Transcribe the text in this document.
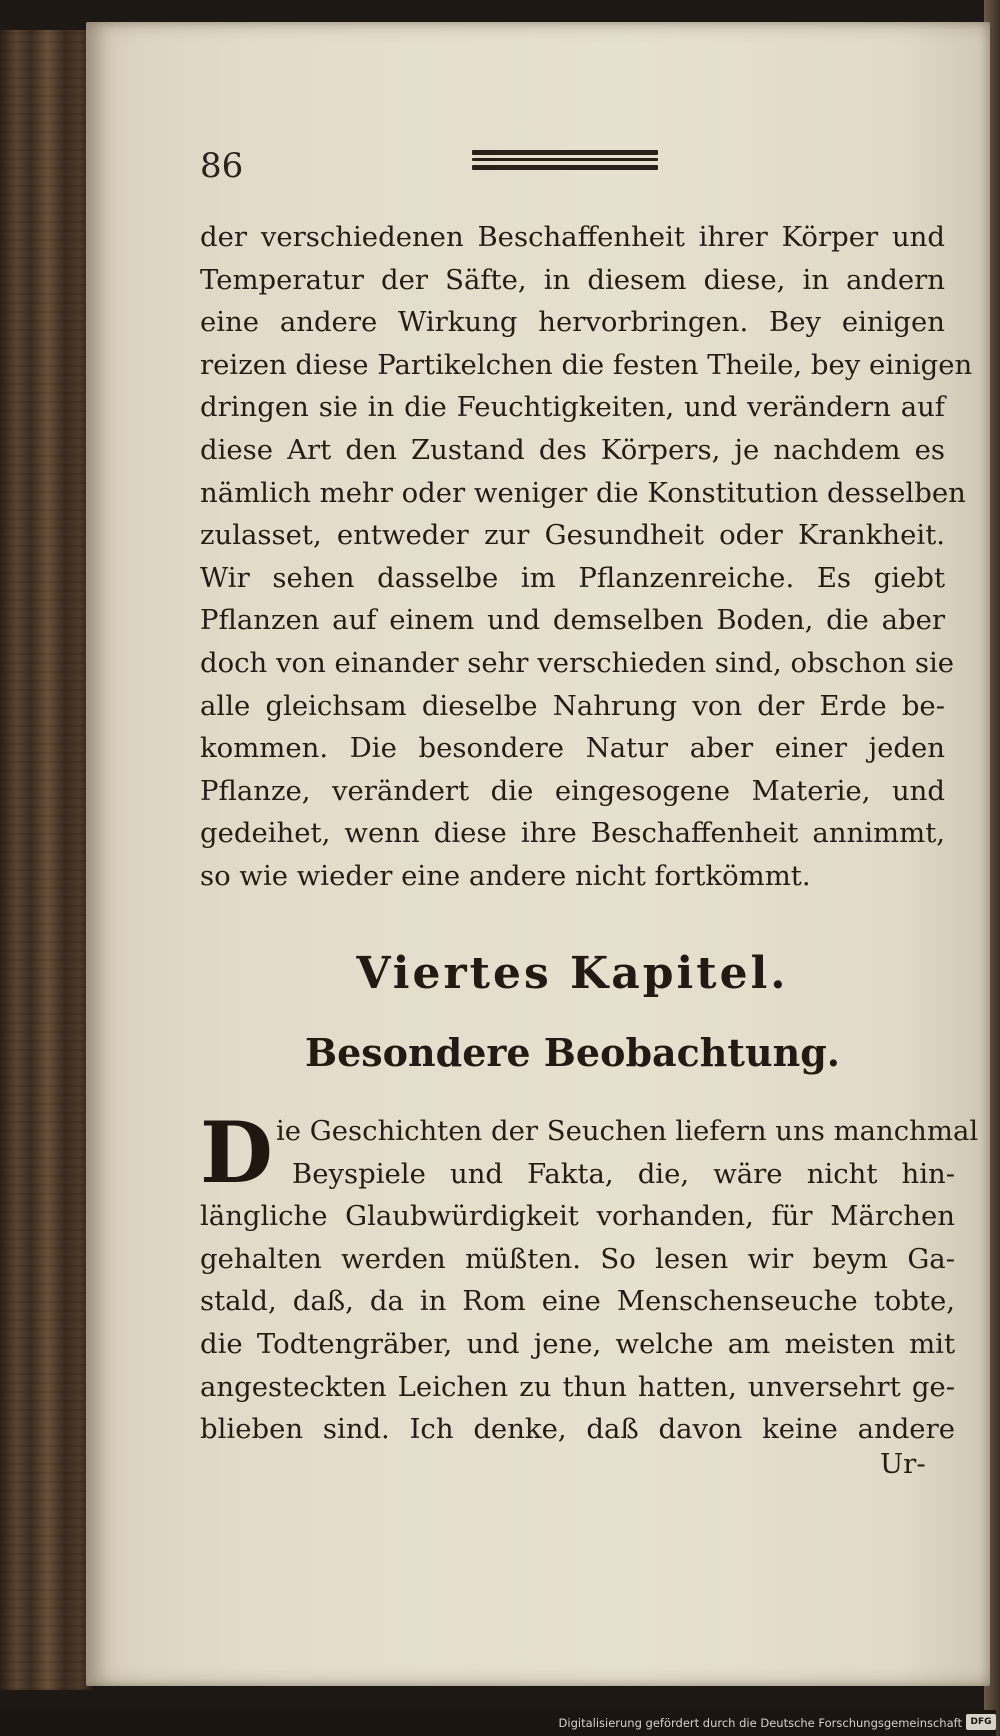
86
der verschiedenen Beschaffenheit ihrer Körper und
Temperatur der Säfte, in diesem diese, in andern
eine andere Wirkung hervorbringen. Bey einigen
reizen diese Partikelchen die festen Theile, bey einigen
dringen sie in die Feuchtigkeiten, und verändern auf
diese Art den Zustand des Körpers, je nachdem es
nämlich mehr oder weniger die Konstitution desselben
zulasset, entweder zur Gesundheit oder Krankheit.
Wir sehen dasselbe im Pflanzenreiche. Es giebt
Pflanzen auf einem und demselben Boden, die aber
doch von einander sehr verschieden sind, obschon sie
alle gleichsam dieselbe Nahrung von der Erde be-
kommen. Die besondere Natur aber einer jeden
Pflanze, verändert die eingesogene Materie, und
gedeihet, wenn diese ihre Beschaffenheit annimmt,
so wie wieder eine andere nicht fortkömmt.
Viertes Kapitel.
Besondere Beobachtung.
D ie Geschichten der Seuchen liefern uns manchmal
Beyspiele und Fakta, die, wäre nicht hin-
längliche Glaubwürdigkeit vorhanden, für Märchen
gehalten werden müßten. So lesen wir beym Ga-
stald, daß, da in Rom eine Menschenseuche tobte,
die Todtengräber, und jene, welche am meisten mit
angesteckten Leichen zu thun hatten, unversehrt ge-
blieben sind. Ich denke, daß davon keine andere
Ur-
Digitalisierung gefördert durch die Deutsche Forschungsgemeinschaft DFG
